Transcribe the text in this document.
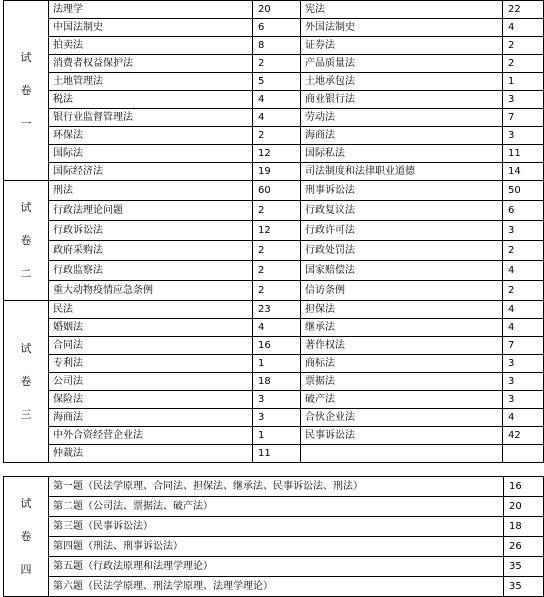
试
卷
一	法理学	20	宪法	22
	中国法制史	6	外国法制史	4
	拍卖法	8	证券法	2
	消费者权益保护法	2	产品质量法	2
	土地管理法	5	土地承包法	1
	税法	4	商业银行法	3
	银行业监督管理法	4	劳动法	7
	环保法	2	海商法	3
	国际法	12	国际私法	11
	国际经济法	19	司法制度和法律职业道德	14

试
卷
二	刑法	60	刑事诉讼法	50
	行政法理论问题	2	行政复议法	6
	行政诉讼法	12	行政许可法	3
	政府采购法	2	行政处罚法	2
	行政监察法	2	国家赔偿法	4
	重大动物疫情应急条例	2	信访条例	2

试
卷
三	民法	23	担保法	4
	婚姻法	4	继承法	4
	合同法	16	著作权法	7
	专利法	1	商标法	3
	公司法	18	票据法	3
	保险法	3	破产法	3
	海商法	3	合伙企业法	4
	中外合资经营企业法	1	民事诉讼法	42
	仲裁法	11		
试
卷
四	第一题（民法学原理、合同法、担保法、继承法、民事诉讼法、刑法）	16
	第二题（公司法、票据法、破产法）	20
	第三题（民事诉讼法）	18
	第四题（刑法、刑事诉讼法）	26
	第五题（行政法原理和法理学理论）	35
	第六题（民法学原理、刑法学原理、法理学理论）	35
